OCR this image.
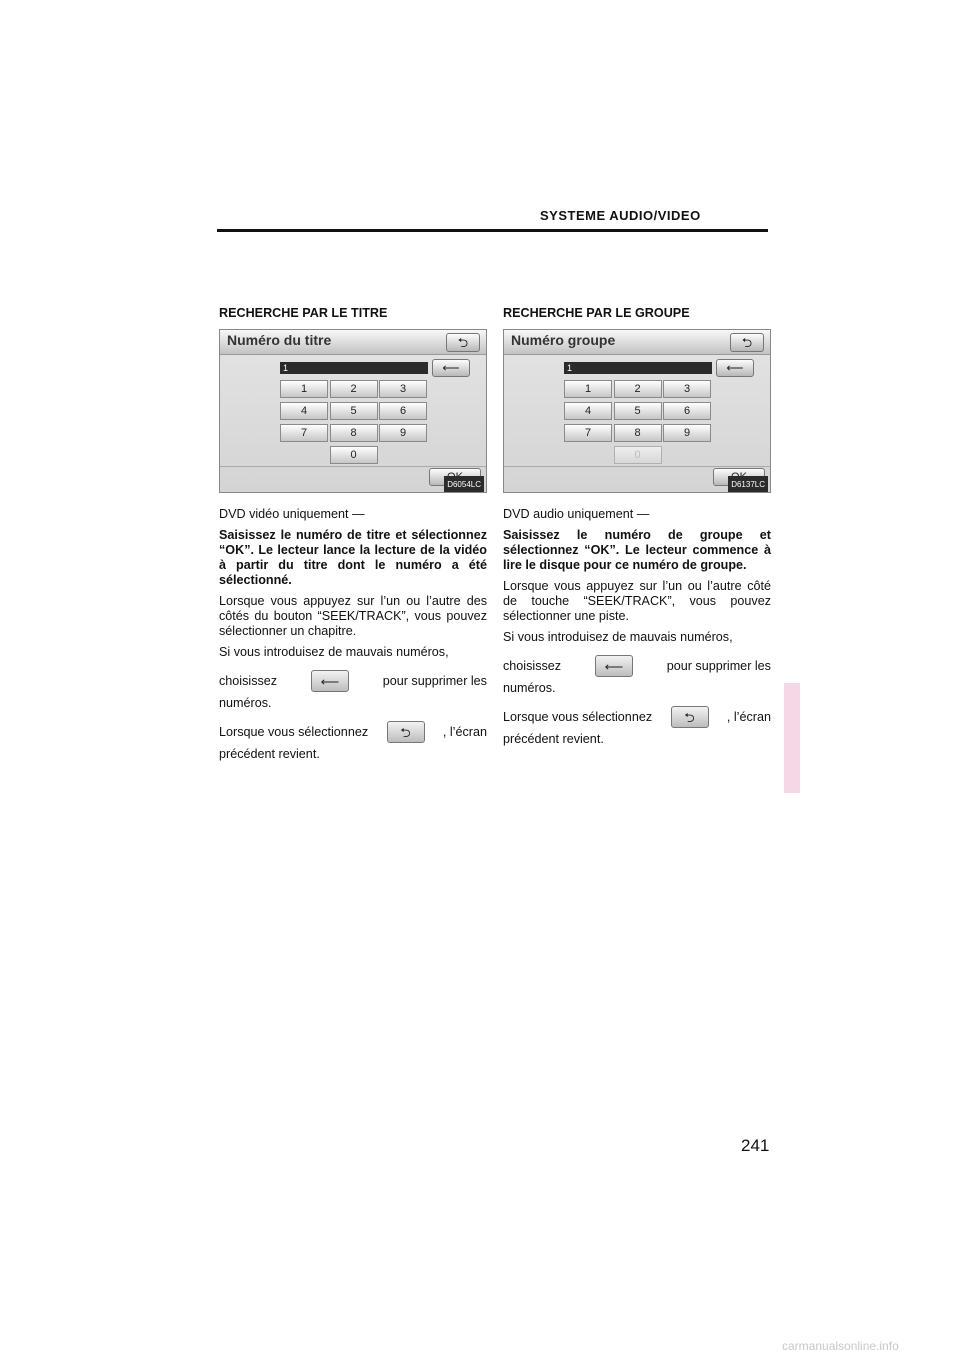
SYSTEME AUDIO/VIDEO
RECHERCHE PAR LE TITRE
Numéro du titre	⮌
1	⟵
1	2	3
4	5	6
7	8	9
0
D6054LC

DVD vidéo uniquement —

Saisissez le numéro de titre et sélectionnez “OK”. Le lecteur lance la lecture de la vidéo à partir du titre dont le numéro a été sélectionné.

Lorsque vous appuyez sur l’un ou l’autre des côtés du bouton “SEEK/TRACK”, vous pouvez sélectionner un chapitre.

Si vous introduisez de mauvais numéros,

choisissez	⟵	pour supprimer les

numéros.

Lorsque vous sélectionnez	⮌	, l’écran

précédent revient.

RECHERCHE PAR LE GROUPE
Numéro groupe	⮌
1	⟵
1	2	3
4	5	6
7	8	9
0
D6137LC

DVD audio uniquement —

Saisissez le numéro de groupe et sélectionnez “OK”. Le lecteur commence à lire le disque pour ce numéro de groupe.

Lorsque vous appuyez sur l’un ou l’autre côté de touche “SEEK/TRACK”, vous pouvez sélectionner une piste.

Si vous introduisez de mauvais numéros,

choisissez	⟵	pour supprimer les

numéros.

Lorsque vous sélectionnez	⮌	, l’écran

précédent revient.

241
carmanualsonline.info
